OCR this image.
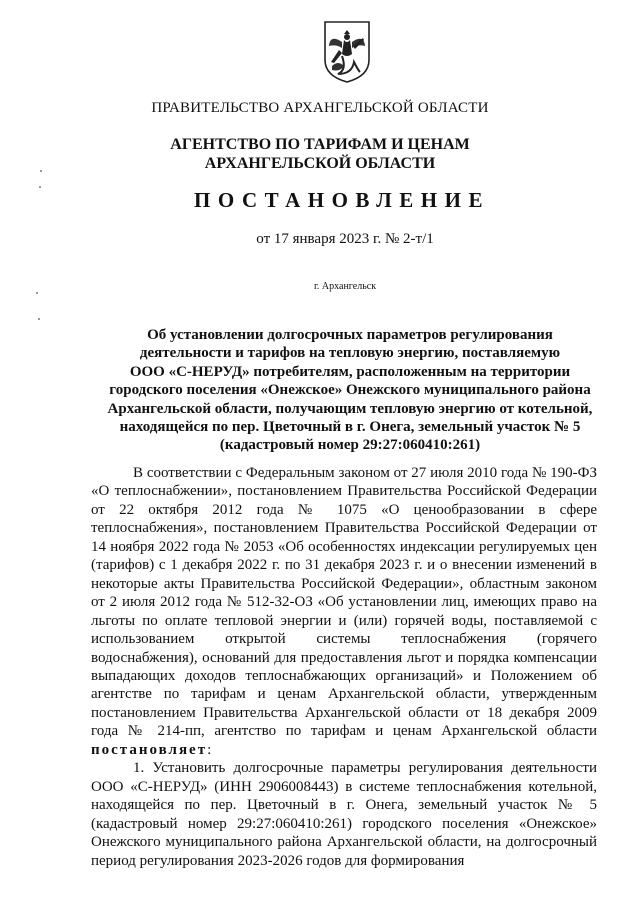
ПРАВИТЕЛЬСТВО АРХАНГЕЛЬСКОЙ ОБЛАСТИ
АГЕНТСТВО ПО ТАРИФАМ И ЦЕНАМ
АРХАНГЕЛЬСКОЙ ОБЛАСТИ
ПОСТАНОВЛЕНИЕ
от 17 января 2023 г. № 2-т/1
г. Архангельск
Об установлении долгосрочных параметров регулирования
деятельности и тарифов на тепловую энергию, поставляемую
ООО «С-НЕРУД» потребителям, расположенным на территории
городского поселения «Онежское» Онежского муниципального района
Архангельской области, получающим тепловую энергию от котельной,
находящейся по пер. Цветочный в г. Онега, земельный участок № 5
(кадастровый номер 29:27:060410:261)

В соответствии с Федеральным законом от 27 июля 2010 года № 190-ФЗ «О теплоснабжении», постановлением Правительства Российской Федерации от 22 октября 2012 года № 1075 «О ценообразовании в сфере теплоснабжения», постановлением Правительства Российской Федерации от 14 ноября 2022 года № 2053 «Об особенностях индексации регулируемых цен (тарифов) с 1 декабря 2022 г. по 31 декабря 2023 г. и о внесении изменений в некоторые акты Правительства Российской Федерации», областным законом от 2 июля 2012 года № 512-32-ОЗ «Об установлении лиц, имеющих право на льготы по оплате тепловой энергии и (или) горячей воды, поставляемой с использованием открытой системы теплоснабжения (горячего водоснабжения), оснований для предоставления льгот и порядка компенсации выпадающих доходов теплоснабжающих организаций» и Положением об агентстве по тарифам и ценам Архангельской области, утвержденным постановлением Правительства Архангельской области от 18 декабря 2009 года № 214-пп, агентство по тарифам и ценам Архангельской области постановляет:

1. Установить долгосрочные параметры регулирования деятельности ООО «С-НЕРУД» (ИНН 2906008443) в системе теплоснабжения котельной, находящейся по пер. Цветочный в г. Онега, земельный участок № 5 (кадастровый номер 29:27:060410:261) городского поселения «Онежское» Онежского муниципального района Архангельской области, на долгосрочный период регулирования 2023-2026 годов для формирования
